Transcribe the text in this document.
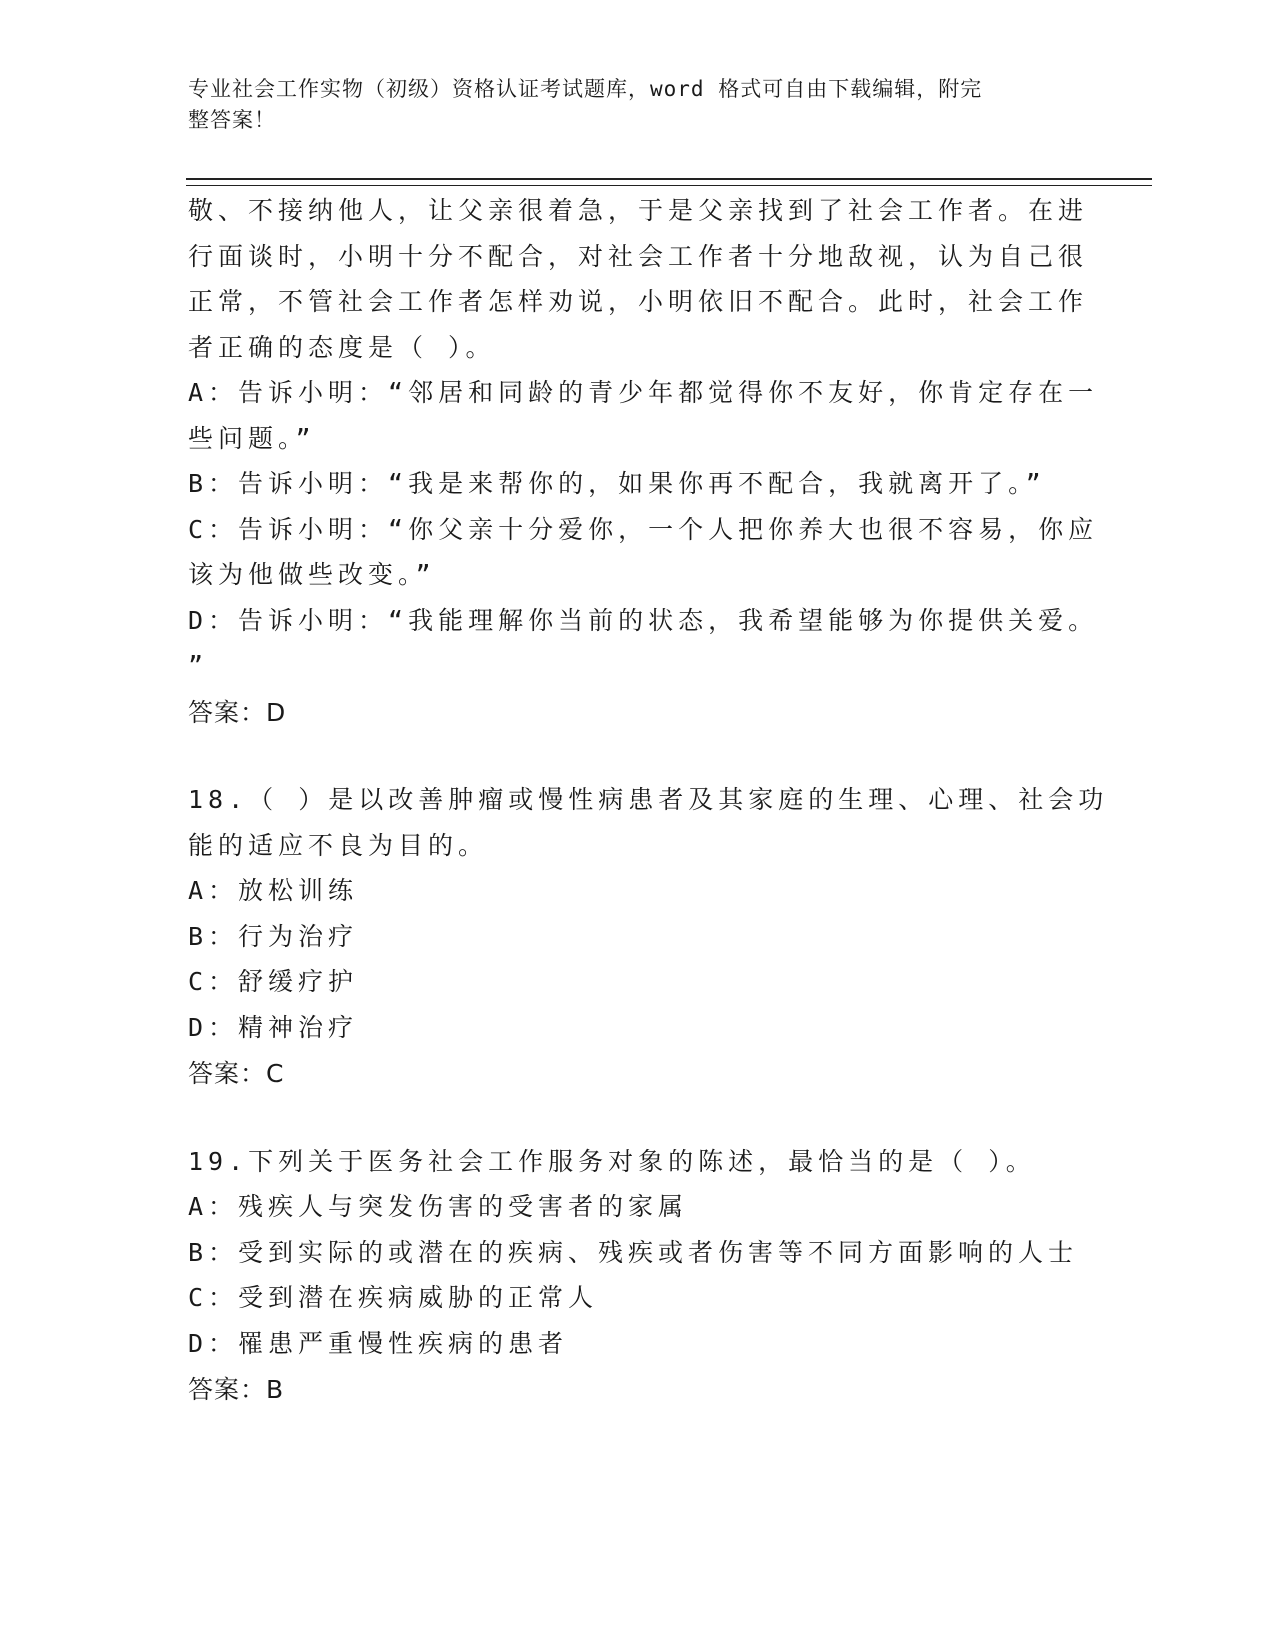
专业社会工作实物（初级）资格认证考试题库，word 格式可自由下载编辑，附完
整答案！
敬、不接纳他人，让父亲很着急，于是父亲找到了社会工作者。在进
行面谈时，小明十分不配合，对社会工作者十分地敌视，认为自己很
正常，不管社会工作者怎样劝说，小明依旧不配合。此时，社会工作
者正确的态度是（ ）。
A：告诉小明：“邻居和同龄的青少年都觉得你不友好，你肯定存在一
些问题。”
B：告诉小明：“我是来帮你的，如果你再不配合，我就离开了。”
C：告诉小明：“你父亲十分爱你，一个人把你养大也很不容易，你应
该为他做些改变。”
D：告诉小明：“我能理解你当前的状态，我希望能够为你提供关爱。
”
答案：D
18.（ ）是以改善肿瘤或慢性病患者及其家庭的生理、心理、社会功
能的适应不良为目的。
A：放松训练
B：行为治疗
C：舒缓疗护
D：精神治疗
答案：C
19.下列关于医务社会工作服务对象的陈述，最恰当的是（ ）。
A：残疾人与突发伤害的受害者的家属
B：受到实际的或潜在的疾病、残疾或者伤害等不同方面影响的人士
C：受到潜在疾病威胁的正常人
D：罹患严重慢性疾病的患者
答案：B
